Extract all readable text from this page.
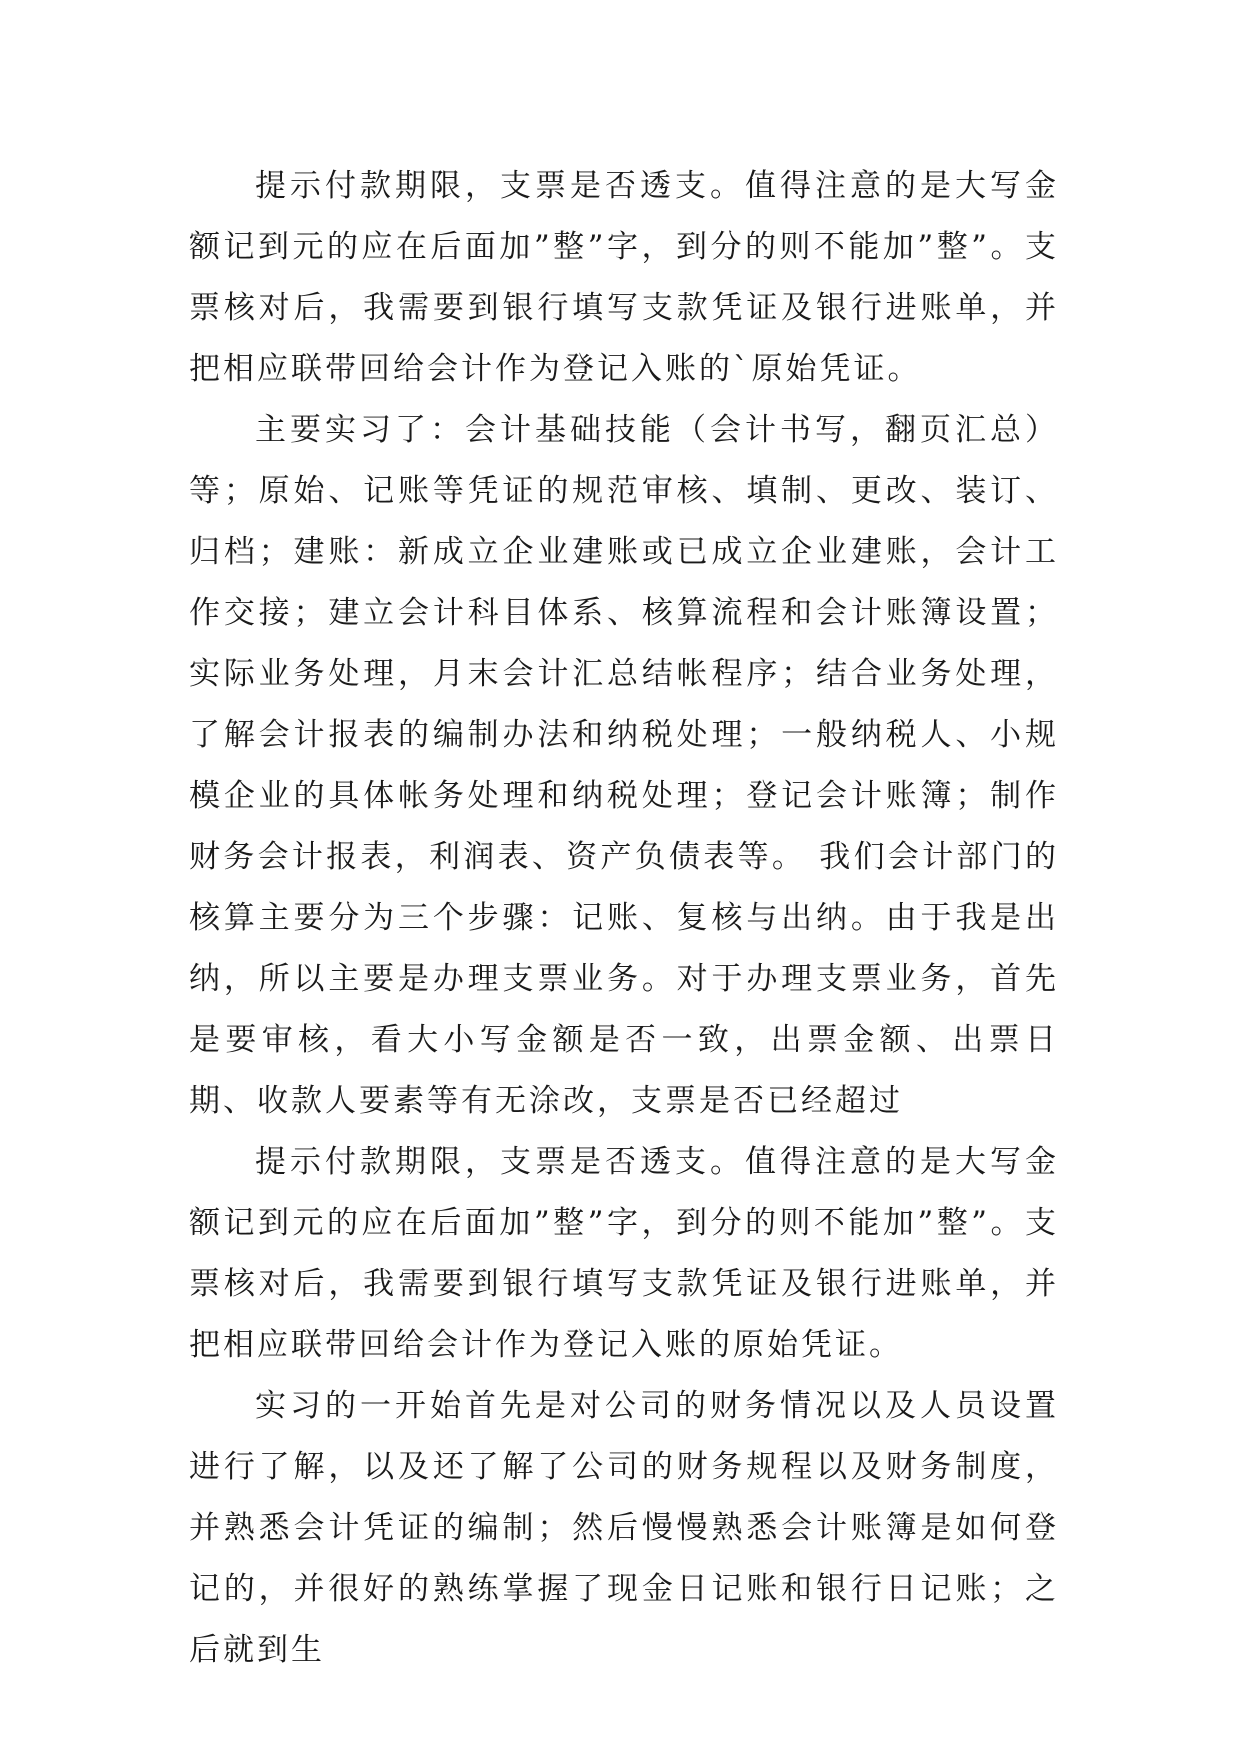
提示付款期限，支票是否透支。值得注意的是大写金额记到元的应在后面加”整”字，到分的则不能加”整”。支票核对后，我需要到银行填写支款凭证及银行进账单，并把相应联带回给会计作为登记入账的`原始凭证。

主要实习了：会计基础技能（会计书写，翻页汇总）等；原始、记账等凭证的规范审核、填制、更改、装订、归档；建账：新成立企业建账或已成立企业建账，会计工作交接；建立会计科目体系、核算流程和会计账簿设置；  实际业务处理，月末会计汇总结帐程序；结合业务处理，了解会计报表的编制办法和纳税处理；一般纳税人、小规模企业的具体帐务处理和纳税处理；登记会计账簿；制作财务会计报表，利润表、资产负债表等。 我们会计部门的核算主要分为三个步骤：记账、复核与出纳。由于我是出纳，所以主要是办理支票业务。对于办理支票业务，首先是要审核，看大小写金额是否一致，出票金额、出票日期、收款人要素等有无涂改，支票是否已经超过

提示付款期限，支票是否透支。值得注意的是大写金额记到元的应在后面加”整”字，到分的则不能加”整”。支票核对后，我需要到银行填写支款凭证及银行进账单，并把相应联带回给会计作为登记入账的原始凭证。

实习的一开始首先是对公司的财务情况以及人员设置进行了解，以及还了解了公司的财务规程以及财务制度，并熟悉会计凭证的编制；然后慢慢熟悉会计账簿是如何登记的，并很好的熟练掌握了现金日记账和银行日记账；之后就到生
